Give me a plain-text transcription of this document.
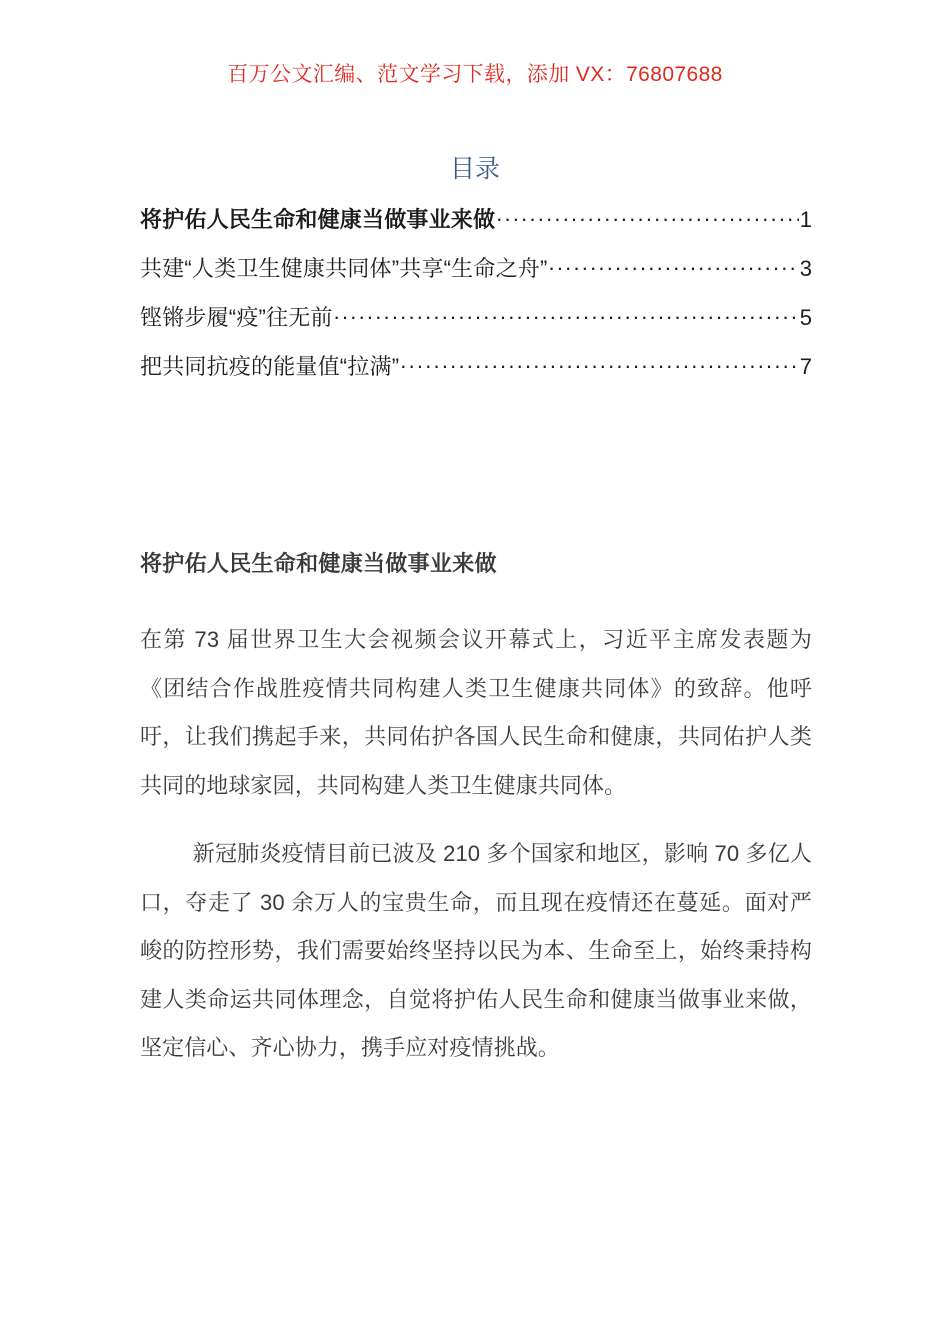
百万公文汇编、范文学习下载，添加 VX：76807688
目录
将护佑人民生命和健康当做事业来做 .....	1
共建“人类卫生健康共同体”共享“生命之舟” .....	3
铿锵步履“疫”往无前 .....	5
把共同抗疫的能量值“拉满” .....	7
将护佑人民生命和健康当做事业来做

在第 73 届世界卫生大会视频会议开幕式上，习近平主席发表题为《团结合作战胜疫情共同构建人类卫生健康共同体》的致辞。他呼吁，让我们携起手来，共同佑护各国人民生命和健康，共同佑护人类共同的地球家园，共同构建人类卫生健康共同体。

新冠肺炎疫情目前已波及 210 多个国家和地区，影响 70 多亿人口，夺走了 30 余万人的宝贵生命，而且现在疫情还在蔓延。面对严峻的防控形势，我们需要始终坚持以民为本、生命至上，始终秉持构建人类命运共同体理念，自觉将护佑人民生命和健康当做事业来做，坚定信心、齐心协力，携手应对疫情挑战。
